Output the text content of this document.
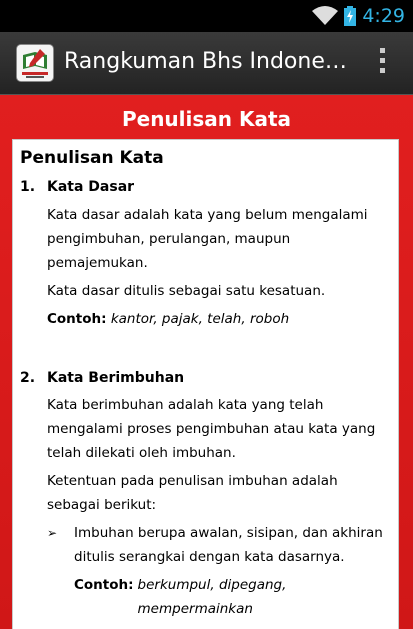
4:29
Rangkuman Bhs Indone…
Penulisan Kata
Penulisan Kata
1. Kata Dasar

Kata dasar adalah kata yang belum mengalami pengimbuhan, perulangan, maupun pemajemukan.

Kata dasar ditulis sebagai satu kesatuan.

Contoh: kantor, pajak, telah, roboh

2. Kata Berimbuhan

Kata berimbuhan adalah kata yang telah mengalami proses pengimbuhan atau kata yang telah dilekati oleh imbuhan.

Ketentuan pada penulisan imbuhan adalah sebagai berikut:

➢	Imbuhan berupa awalan, sisipan, dan akhiran ditulis serangkai dengan kata dasarnya.
Contoh: berkumpul, dipegang, mempermainkan
